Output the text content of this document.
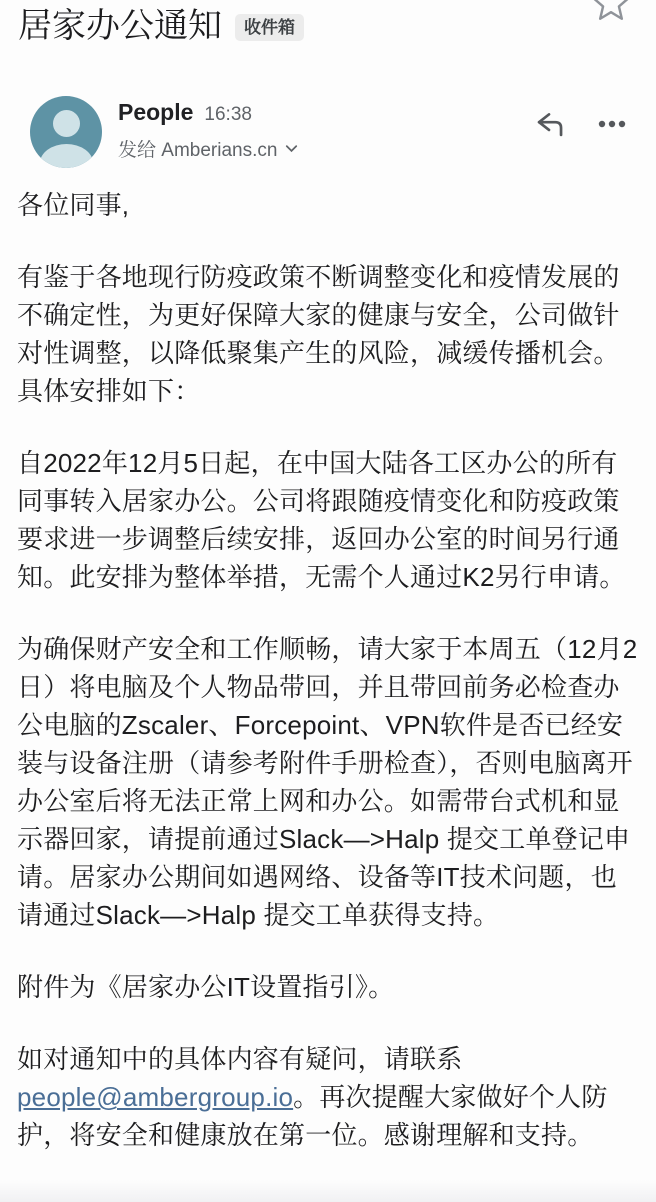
居家办公通知	收件箱
People 16:38
发给 Amberians.cn
各位同事,
有鉴于各地现行防疫政策不断调整变化和疫情发展的不确定性，为更好保障大家的健康与安全，公司做针对性调整，以降低聚集产生的风险，减缓传播机会。具体安排如下：
自2022年12月5日起，在中国大陆各工区办公的所有同事转入居家办公。公司将跟随疫情变化和防疫政策要求进一步调整后续安排，返回办公室的时间另行通知。此安排为整体举措，无需个人通过K2另行申请。
为确保财产安全和工作顺畅，请大家于本周五（12月2日）将电脑及个人物品带回，并且带回前务必检查办公电脑的Zscaler、Forcepoint、VPN软件是否已经安装与设备注册（请参考附件手册检查），否则电脑离开办公室后将无法正常上网和办公。如需带台式机和显示器回家，请提前通过Slack—>Halp 提交工单登记申请。居家办公期间如遇网络、设备等IT技术问题，也请通过Slack—>Halp 提交工单获得支持。
附件为《居家办公IT设置指引》。
如对通知中的具体内容有疑问，请联系people@ambergroup.io。再次提醒大家做好个人防护，将安全和健康放在第一位。感谢理解和支持。
